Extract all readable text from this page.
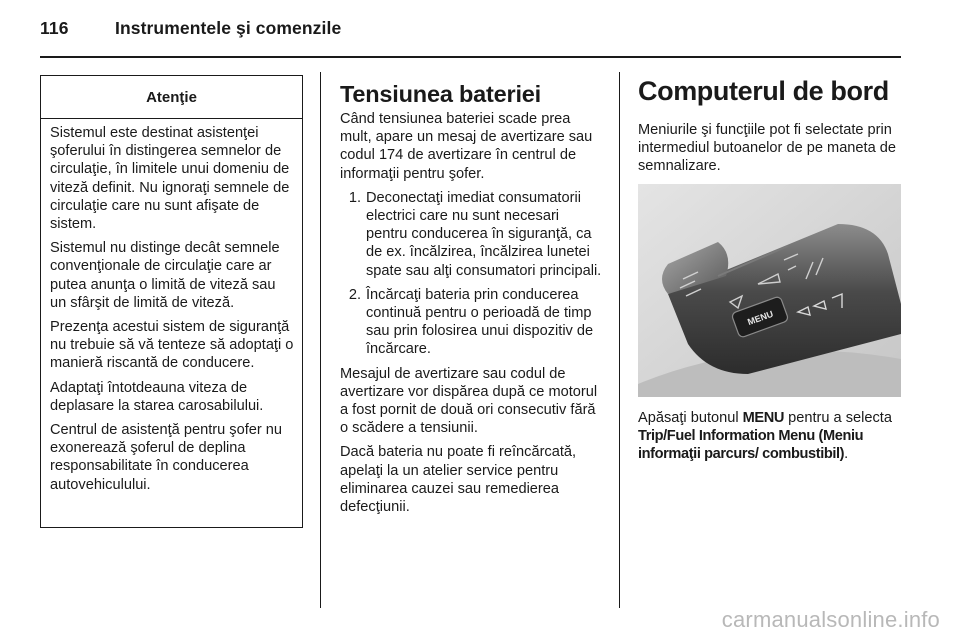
116	Instrumentele şi comenzile
Atenţie

Sistemul este destinat asistenţei şoferului în distingerea semnelor de circulaţie, în limitele unui domeniu de viteză definit. Nu ignoraţi semnele de circulaţie care nu sunt afişate de sistem.

Sistemul nu distinge decât semnele convenţionale de circulaţie care ar putea anunţa o limită de viteză sau un sfârşit de limită de viteză.

Prezenţa acestui sistem de siguranţă nu trebuie să vă tenteze să adoptaţi o manieră riscantă de conducere.

Adaptaţi întotdeauna viteza de deplasare la starea carosabilului.

Centrul de asistenţă pentru şofer nu exonerează şoferul de deplina responsabilitate în conducerea autovehiculului.

Tensiunea bateriei

Când tensiunea bateriei scade prea mult, apare un mesaj de avertizare sau codul 174 de avertizare în centrul de informaţii pentru şofer.

1. Deconectaţi imediat consumatorii electrici care nu sunt necesari pentru conducerea în siguranţă, ca de ex. încălzirea, încălzirea lunetei spate sau alţi consumatori principali.
2. Încărcaţi bateria prin conducerea continuă pentru o perioadă de timp sau prin folosirea unui dispozitiv de încărcare.

Mesajul de avertizare sau codul de avertizare vor dispărea după ce motorul a fost pornit de două ori consecutiv fără o scădere a tensiunii.

Dacă bateria nu poate fi reîncărcată, apelaţi la un atelier service pentru eliminarea cauzei sau remedierea defecţiunii.

Computerul de bord
Meniurile şi funcţiile pot fi selectate prin intermediul butoanelor de pe maneta de semnalizare.
MENU
Apăsaţi butonul MENU pentru a selecta Trip/Fuel Information Menu (Meniu informaţii parcurs/ combustibil).
carmanualsonline.info
